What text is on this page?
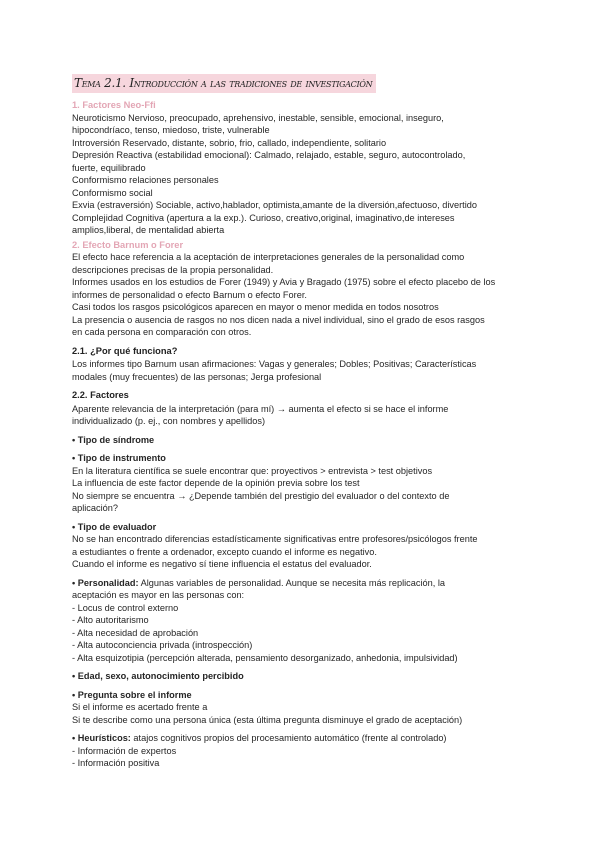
Tema 2.1. Introducción a las tradiciones de investigación

1. Factores Neo-Ffi

Neuroticismo Nervioso, preocupado, aprehensivo, inestable, sensible, emocional, inseguro,

hipocondríaco, tenso, miedoso, triste, vulnerable

Introversión Reservado, distante, sobrio, frio, callado, independiente, solitario

Depresión Reactiva (estabilidad emocional): Calmado, relajado, estable, seguro, autocontrolado,

fuerte, equilibrado

Conformismo relaciones personales

Conformismo social

Exvia (estraversión) Sociable, activo,hablador, optimista,amante de la diversión,afectuoso, divertido

Complejidad Cognitiva (apertura a la exp.). Curioso, creativo,original, imaginativo,de intereses

amplios,liberal, de mentalidad abierta

2. Efecto Barnum o Forer

El efecto hace referencia a la aceptación de interpretaciones generales de la personalidad como

descripciones precisas de la propia personalidad.

Informes usados en los estudios de Forer (1949) y Avia y Bragado (1975) sobre el efecto placebo de los

informes de personalidad o efecto Barnum o efecto Forer.

Casi todos los rasgos psicológicos aparecen en mayor o menor medida en todos nosotros

La presencia o ausencia de rasgos no nos dicen nada a nivel individual, sino el grado de esos rasgos

en cada persona en comparación con otros.

2.1. ¿Por qué funciona?

Los informes tipo Barnum usan afirmaciones: Vagas y generales; Dobles; Positivas; Características

modales (muy frecuentes) de las personas; Jerga profesional

2.2. Factores

Aparente relevancia de la interpretación (para mí) → aumenta el efecto si se hace el informe

individualizado (p. ej., con nombres y apellidos)

• Tipo de síndrome

• Tipo de instrumento

En la literatura científica se suele encontrar que: proyectivos > entrevista > test objetivos

La influencia de este factor depende de la opinión previa sobre los test

No siempre se encuentra → ¿Depende también del prestigio del evaluador o del contexto de

aplicación?

• Tipo de evaluador

No se han encontrado diferencias estadísticamente significativas entre profesores/psicólogos frente

a estudiantes o frente a ordenador, excepto cuando el informe es negativo.

Cuando el informe es negativo sí tiene influencia el estatus del evaluador.

• Personalidad: Algunas variables de personalidad. Aunque se necesita más replicación, la

aceptación es mayor en las personas con:

- Locus de control externo

- Alto autoritarismo

- Alta necesidad de aprobación

- Alta autoconciencia privada (introspección)

- Alta esquizotipia (percepción alterada, pensamiento desorganizado, anhedonia, impulsividad)

• Edad, sexo, autonocimiento percibido

• Pregunta sobre el informe

Si el informe es acertado frente a

Si te describe como una persona única (esta última pregunta disminuye el grado de aceptación)

• Heurísticos: atajos cognitivos propios del procesamiento automático (frente al controlado)

- Información de expertos

- Información positiva
